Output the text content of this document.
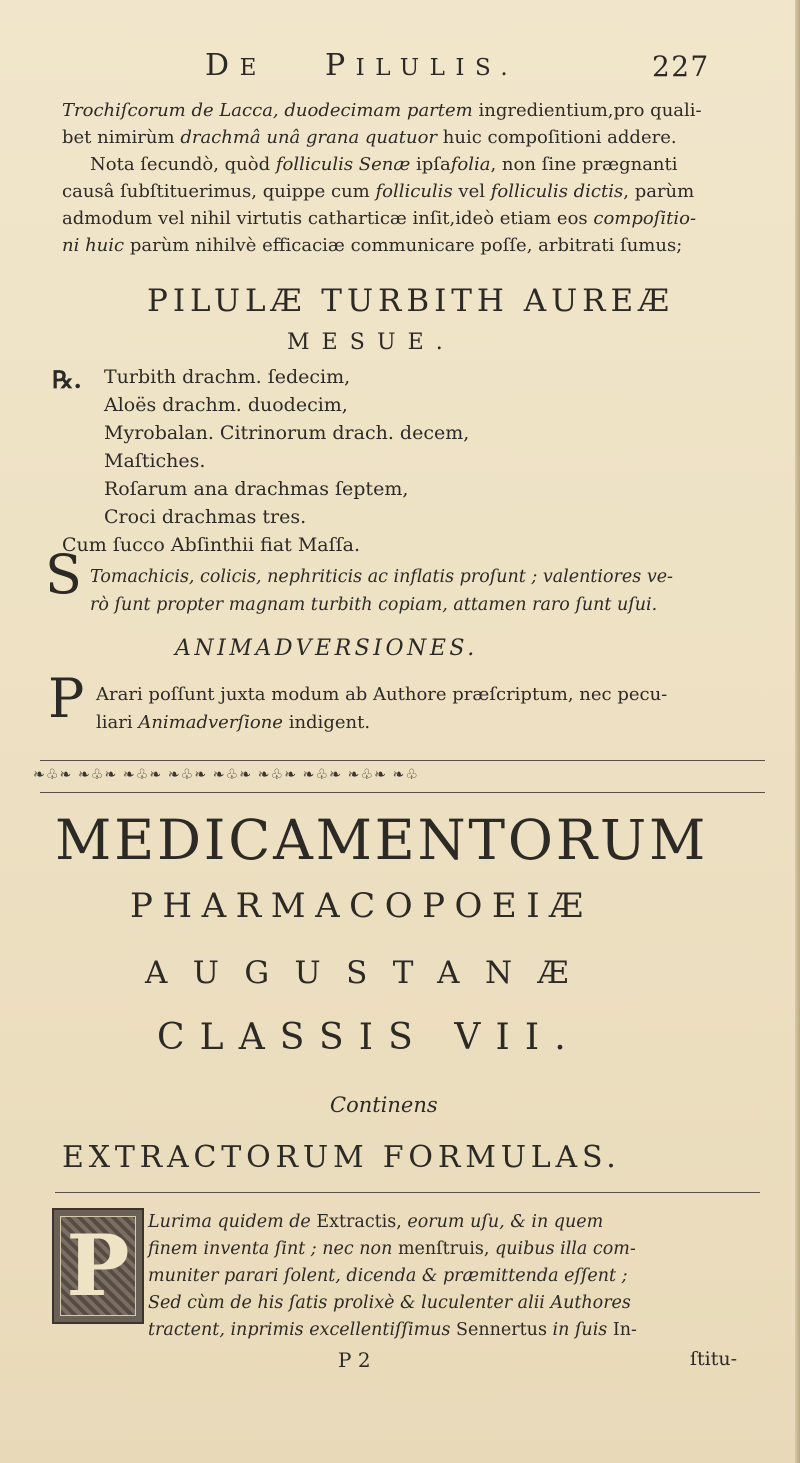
DE PILULIS.	227
Trochiſcorum de Lacca, duodecimam partem ingredientium,pro quali-
bet nimirùm drachmâ unâ grana quatuor huic compoſitioni addere.
Nota ſecundò, quòd folliculis Senæ ipſafolia, non ſine prægnanti
causâ ſubſtituerimus, quippe cum folliculis vel folliculis dictis, parùm
admodum vel nihil virtutis catharticæ inſit,ideò etiam eos compoſitio-
ni huic parùm nihilvè efficaciæ communicare poſſe, arbitrati ſumus;
PILULÆ TURBITH AUREÆ
MESUE.
℞. Turbith drachm. ſedecim,
Aloës drachm. duodecim,
Myrobalan. Citrinorum drach. decem,
Maſtiches.
Roſarum ana drachmas ſeptem,
Croci drachmas tres.
Cum ſucco Abſinthii fiat Maſſa.
S Tomachicis, colicis, nephriticis ac inflatis proſunt ; valentiores ve-
rò ſunt propter magnam turbith copiam, attamen raro ſunt uſui.
ANIMADVERSIONES.
P Arari poſſunt juxta modum ab Authore præſcriptum, nec pecu-
liari Animadverſione indigent.
❧♧❧ ❧♧❧ ❧♧❧ ❧♧❧ ❧♧❧ ❧♧❧ ❧♧❧ ❧♧❧ ❧♧
MEDICAMENTORUM
PHARMACOPOEIÆ
AUGUSTANÆ
CLASSIS VII.
Continens
EXTRACTORUM FORMULAS.
P	Lurima quidem de Extractis, eorum uſu, & in quem
finem inventa ſint ; nec non menſtruis, quibus illa com-
muniter parari ſolent, dicenda & præmittenda eſſent ;
Sed cùm de his ſatis prolixè & luculenter alii Authores
tractent, inprimis excellentiſſimus Sennertus in ſuis In-
P 2	ſtitu-
